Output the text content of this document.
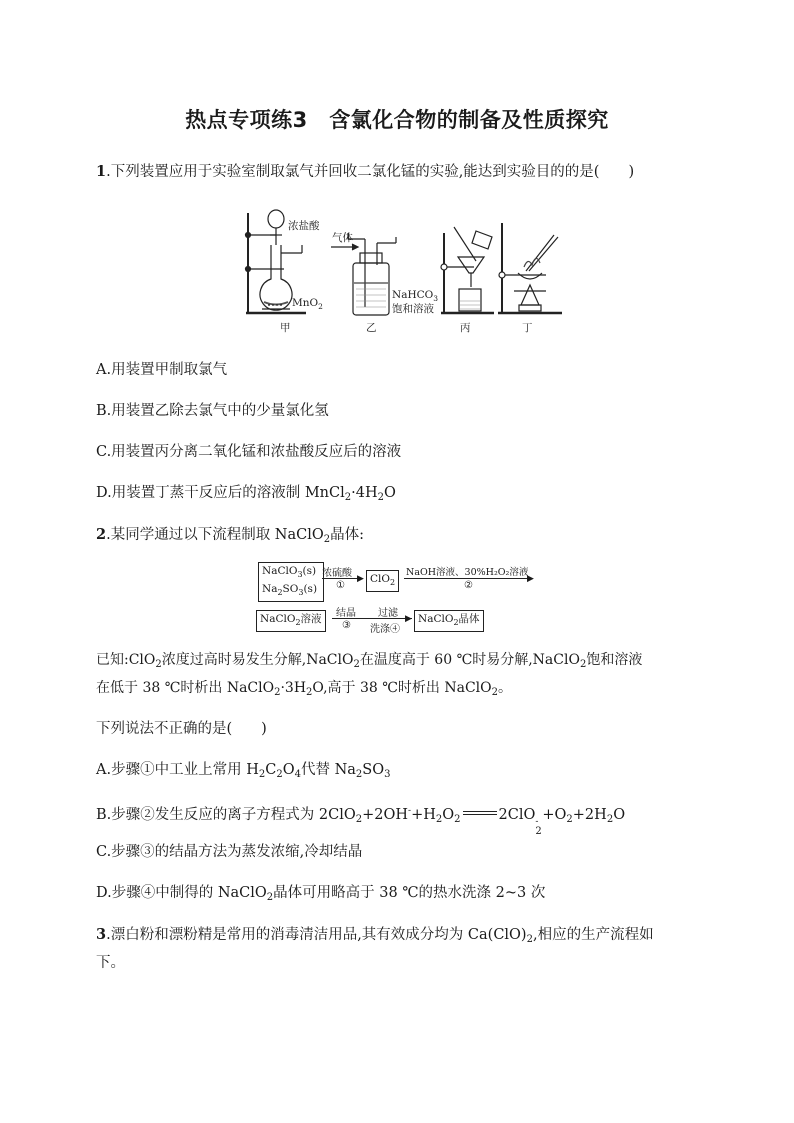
热点专项练3　含氯化合物的制备及性质探究
1.下列装置应用于实验室制取氯气并回收二氯化锰的实验,能达到实验目的的是(　　)
浓盐酸
MnO$_2$
气体
NaHCO$_3$
饱和溶液
甲	乙	丙	丁
A.用装置甲制取氯气
B.用装置乙除去氯气中的少量氯化氢
C.用装置丙分离二氧化锰和浓盐酸反应后的溶液
D.用装置丁蒸干反应后的溶液制 $MnCl_2\cdot 4H_2O$
2.某同学通过以下流程制取 NaClO$_2$晶体:
NaClO$_3$(s)
$Na_2SO_3(s)$
浓硫酸 ▶
①
ClO$_2$
NaOH溶液、30%H₂O₂溶液
▶
②
NaClO$_2$溶液	结晶
③
过滤 ▶
洗涤④
NaClO$_2$晶体
已知:ClO$_2$浓度过高时易发生分解,NaClO$_2$在温度高于 60 ℃时易分解,NaClO$_2$饱和溶液
在低于 38 ℃时析出 $NaClO_2\cdot 3H_2O$,高于 38 ℃时析出 NaClO$_2$。
下列说法不正确的是(　　)
A.步骤①中工业上常用 $H_2C_2O_4$代替 $Na_2SO_3$
B.步骤②发生反应的离子方程式为 $2ClO_2+2OH^-+H_2O_2$	2ClO -
2
$+O_2+2H_2O$
C.步骤③的结晶方法为蒸发浓缩,冷却结晶
D.步骤④中制得的 NaClO$_2$晶体可用略高于 38 ℃的热水洗涤 2~3 次
3.漂白粉和漂粉精是常用的消毒清洁用品,其有效成分均为 $Ca(ClO)_2$,相应的生产流程如
下。
